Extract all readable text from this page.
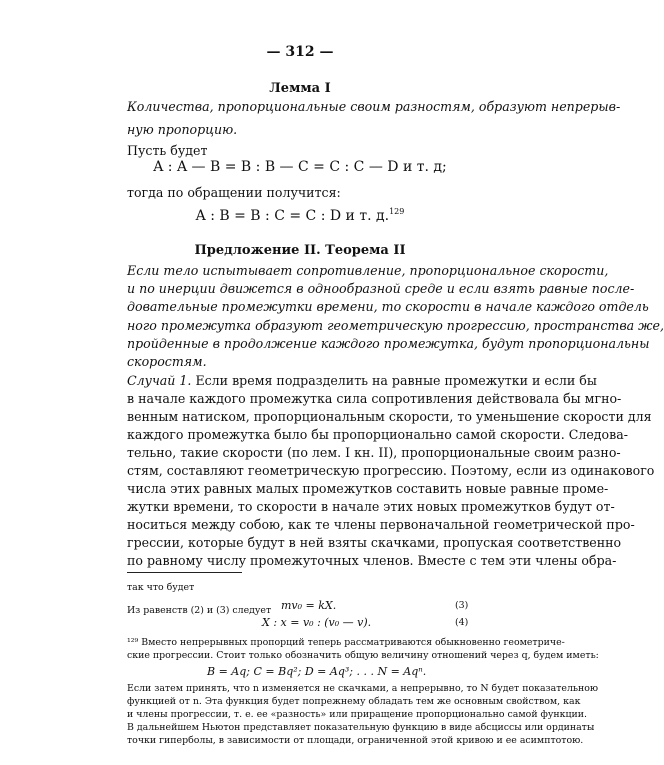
— 312 —
Лемма I
Количества, пропорциональные своим разностям, образуют непрерыв-
ную пропорцию.
Пусть будет
A : A — B = B : B — C = C : C — D и т. д;
тогда по обращении получится:
A : B = B : C = C : D и т. д.$^{129}$
Предложение II. Теорема II
Если тело испытывает сопротивление, пропорциональное скорости,
и по инерции движется в однообразной среде и если взять равные после-
довательные промежутки времени, то скорости в начале каждого отдель
ного промежутка образуют геометрическую прогрессию, пространства же,
пройденные в продолжение каждого промежутка, будут пропорциональны
скоростям.
Случай 1. Если время подразделить на равные промежутки и если бы
в начале каждого промежутка сила сопротивления действовала бы мгно-
венным натиском, пропорциональным скорости, то уменьшение скорости для
каждого промежутка было бы пропорционально самой скорости. Следова-
тельно, такие скорости (по лем. I кн. II), пропорциональные своим разно-
стям, составляют геометрическую прогрессию. Поэтому, если из одинакового
числа этих равных малых промежутков составить новые равные проме-
жутки времени, то скорости в начале этих новых промежутков будут от-
носиться между собою, как те члены первоначальной геометрической про-
грессии, которые будут в ней взяты скачками, пропуская соответственно
по равному числу промежуточных членов. Вместе с тем эти члены обра-
так что будет
mv₀ = kX.	(3)
Из равенств (2) и (3) следует
X : x = v₀ : (v₀ — v).	(4)
¹²⁹ Вместо непрерывных пропорций теперь рассматриваются обыкновенно геометриче-
ские прогрессии. Стоит только обозначить общую величину отношений через q, будем иметь:
B = Aq; C = Bq²; D = Aq³; . . . N = Aqⁿ.
Если затем принять, что n изменяется не скачками, а непрерывно, то N будет показательною
функцией от n. Эта функция будет попрежнему обладать тем же основным свойством, как
и члены прогрессии, т. е. ее «разность» или приращение пропорционально самой функции.
В дальнейшем Ньютон представляет показательную функцию в виде абсциссы или ординаты
точки гиперболы, в зависимости от площади, ограниченной этой кривою и ее асимптотою.
